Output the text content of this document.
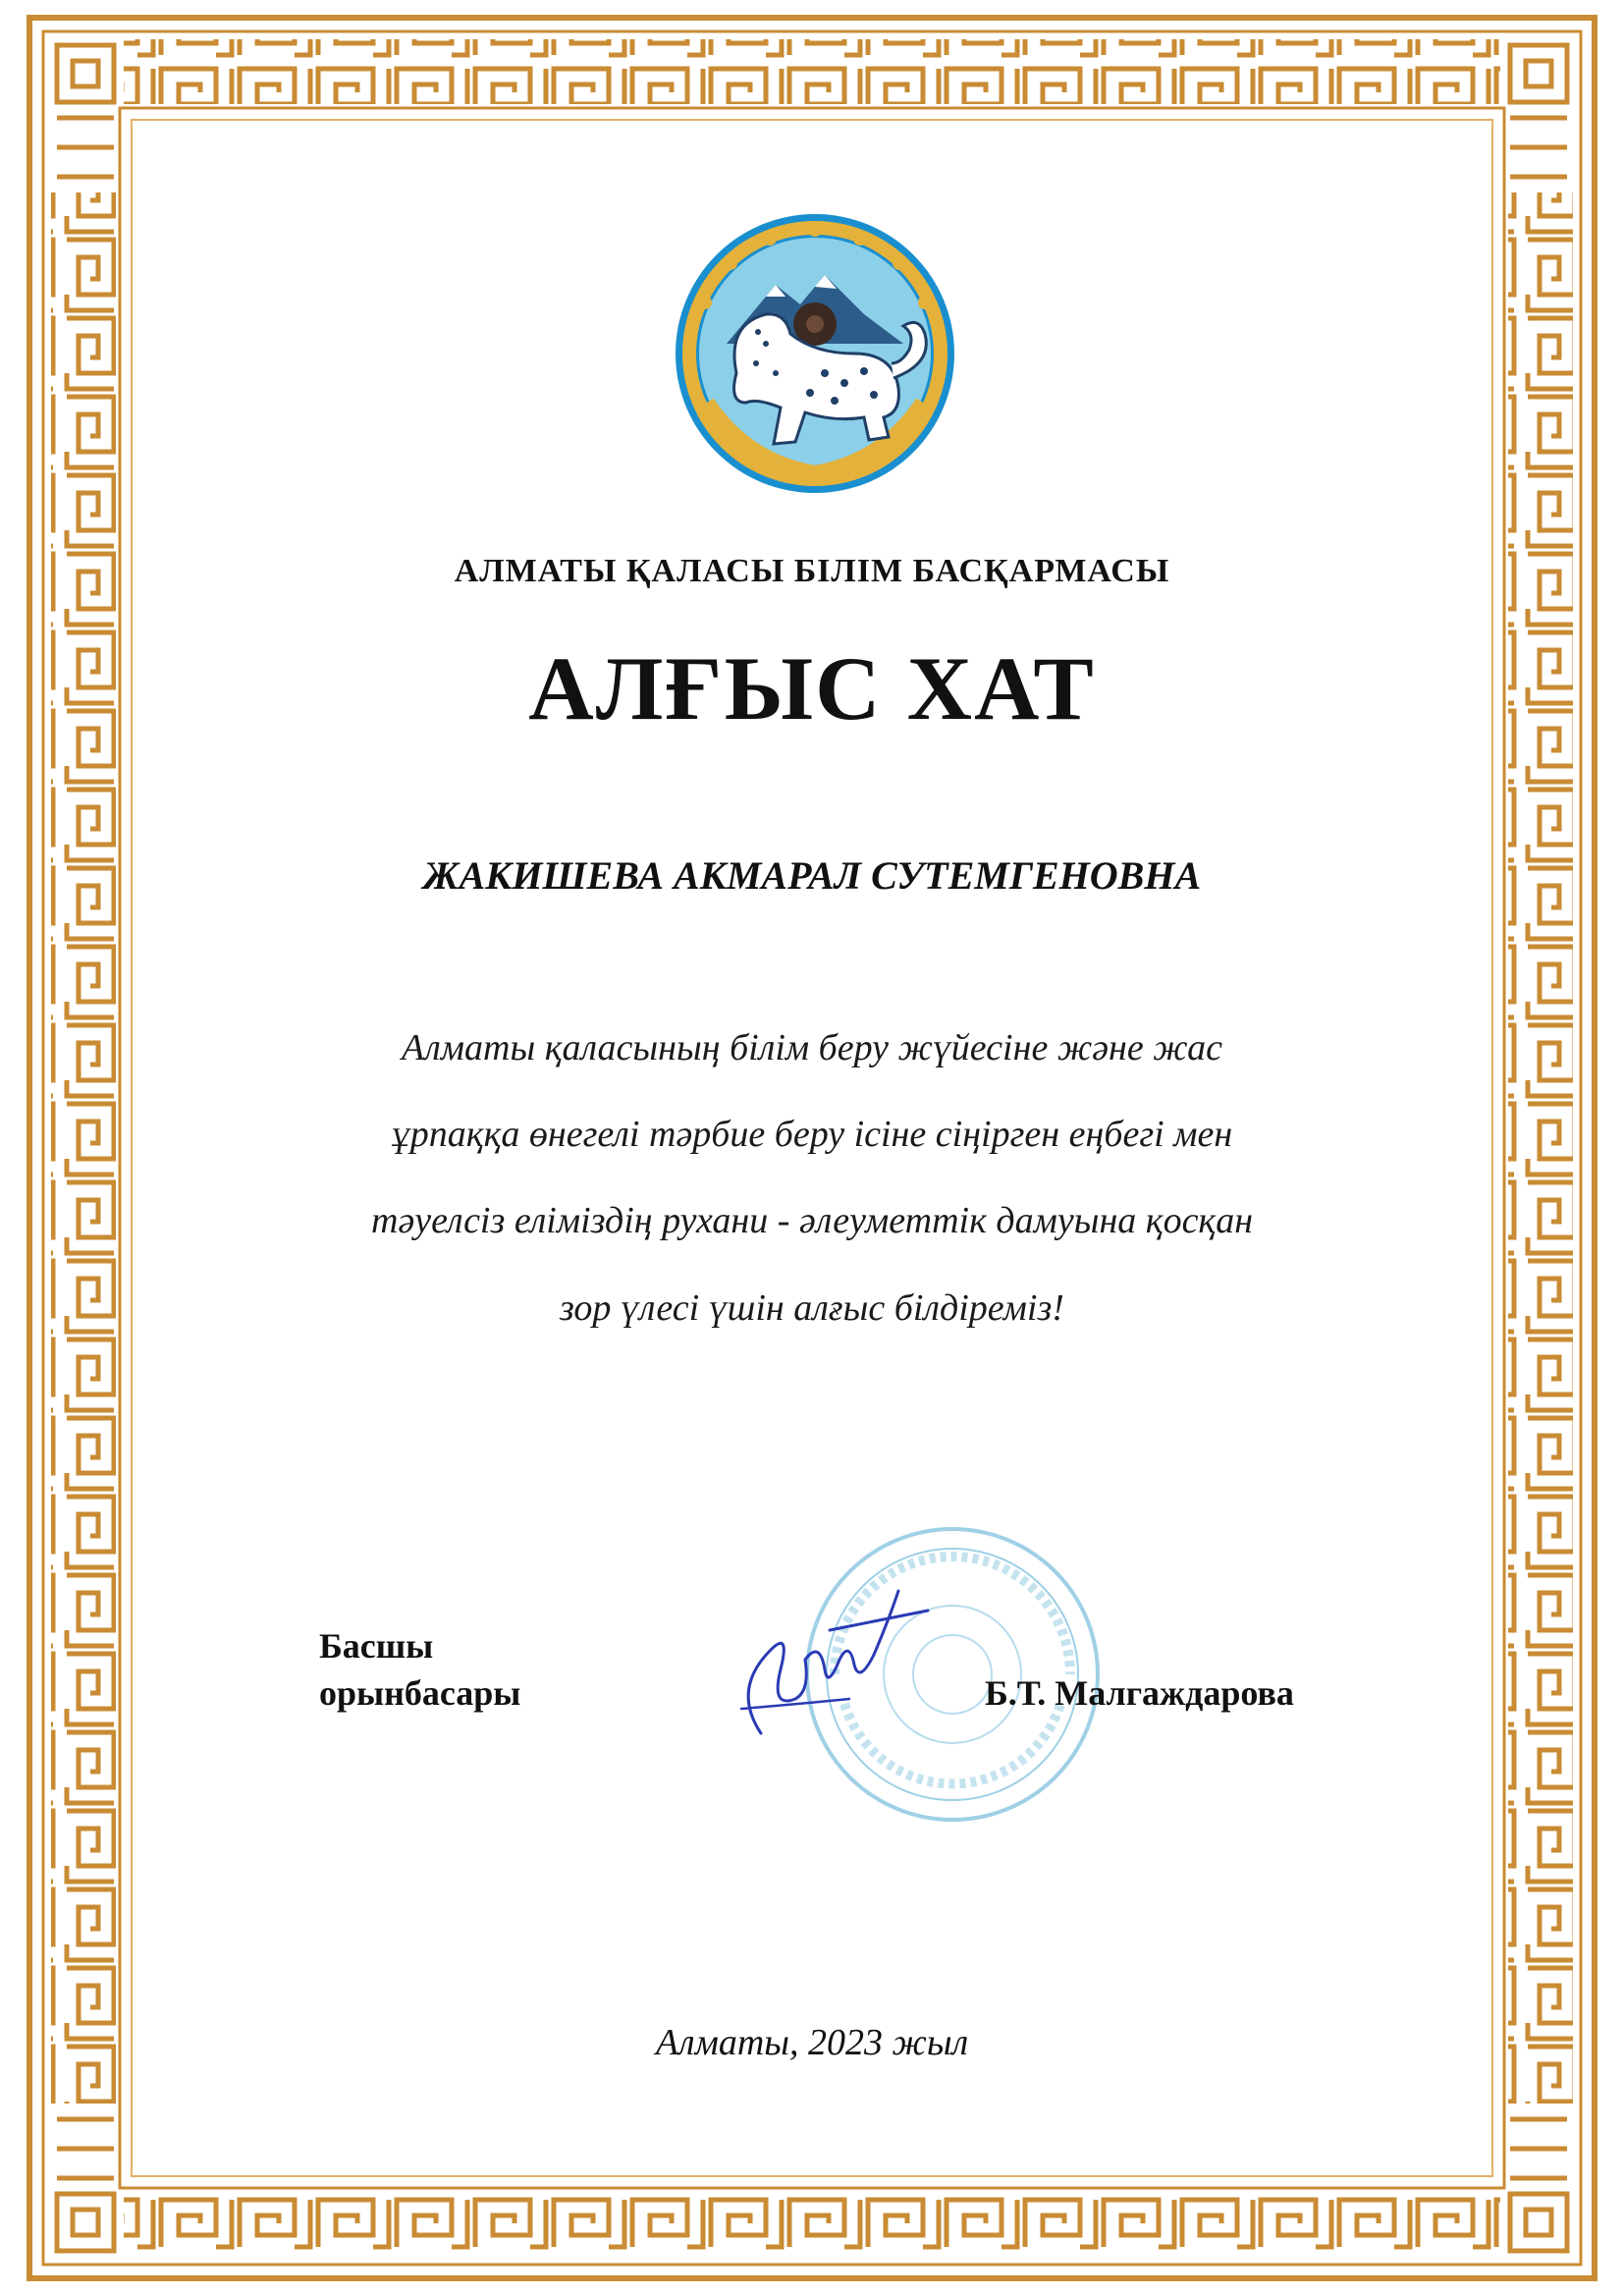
АЛМАТЫ ҚАЛАСЫ БІЛІМ БАСҚАРМАСЫ
АЛҒЫС ХАТ
ЖАКИШЕВА АКМАРАЛ СУТЕМГЕНОВНА
Алматы қаласының білім беру жүйесіне және жас
ұрпаққа өнегелі тәрбие беру ісіне сіңірген еңбегі мен
тәуелсіз еліміздің рухани - әлеуметтік дамуына қосқан
зор үлесі үшін алғыс білдіреміз!
Басшы
орынбасары	Б.Т. Малгаждарова
Алматы, 2023 жыл
